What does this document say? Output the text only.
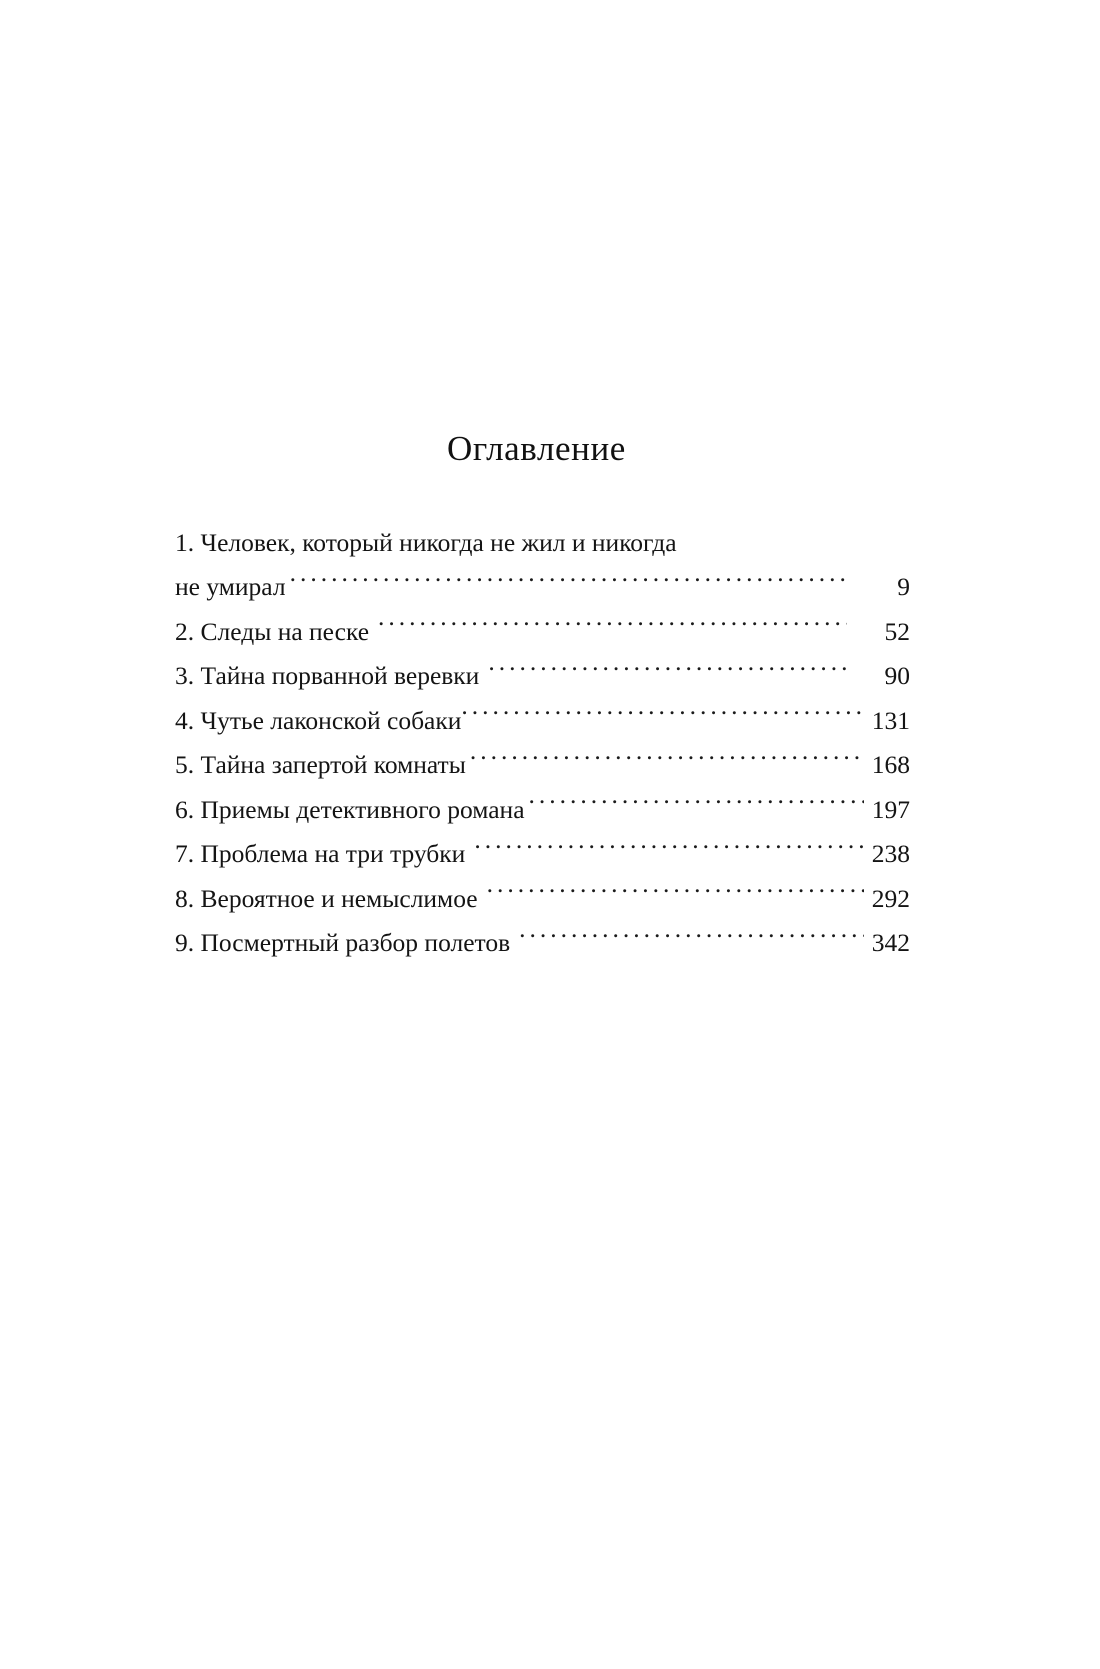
Оглавление
1. Человек, который никогда не жил и никогда
не умирал .....	9
2. Следы на песке .....	52
3. Тайна порванной веревки .....	90
4. Чутье лаконской собаки .....	131
5. Тайна запертой комнаты .....	168
6. Приемы детективного романа .....	197
7. Проблема на три трубки .....	238
8. Вероятное и немыслимое .....	292
9. Посмертный разбор полетов .....	342
